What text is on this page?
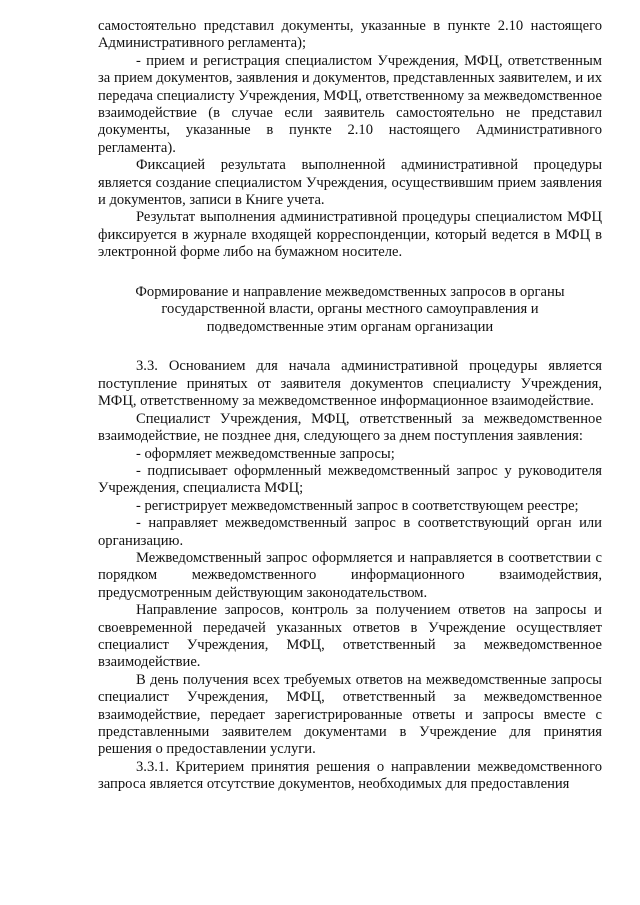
самостоятельно представил документы, указанные в пункте 2.10 настоящего Административного регламента);

- прием и регистрация специалистом Учреждения, МФЦ, ответственным за прием документов, заявления и документов, представленных заявителем, и их передача специалисту Учреждения, МФЦ, ответственному за межведомственное взаимодействие (в случае если заявитель самостоятельно не представил документы, указанные в пункте 2.10 настоящего Административного регламента).

Фиксацией результата выполненной административной процедуры является создание специалистом Учреждения, осуществившим прием заявления и документов, записи в Книге учета.

Результат выполнения административной процедуры специалистом МФЦ фиксируется в журнале входящей корреспонденции, который ведется в МФЦ в электронной форме либо на бумажном носителе.

Формирование и направление межведомственных запросов в органы
государственной власти, органы местного самоуправления и
подведомственные этим органам организации

3.3. Основанием для начала административной процедуры является поступление принятых от заявителя документов специалисту Учреждения, МФЦ, ответственному за межведомственное информационное взаимодействие.

Специалист Учреждения, МФЦ, ответственный за межведомственное взаимодействие, не позднее дня, следующего за днем поступления заявления:

- оформляет межведомственные запросы;

- подписывает оформленный межведомственный запрос у руководителя Учреждения, специалиста МФЦ;

- регистрирует межведомственный запрос в соответствующем реестре;

- направляет межведомственный запрос в соответствующий орган или организацию.

Межведомственный запрос оформляется и направляется в соответствии с порядком межведомственного информационного взаимодействия, предусмотренным действующим законодательством.

Направление запросов, контроль за получением ответов на запросы и своевременной передачей указанных ответов в Учреждение осуществляет специалист Учреждения, МФЦ, ответственный за межведомственное взаимодействие.

В день получения всех требуемых ответов на межведомственные запросы специалист Учреждения, МФЦ, ответственный за межведомственное взаимодействие, передает зарегистрированные ответы и запросы вместе с представленными заявителем документами в Учреждение для принятия решения о предоставлении услуги.

3.3.1. Критерием принятия решения о направлении межведомственного запроса является отсутствие документов, необходимых для предоставления
